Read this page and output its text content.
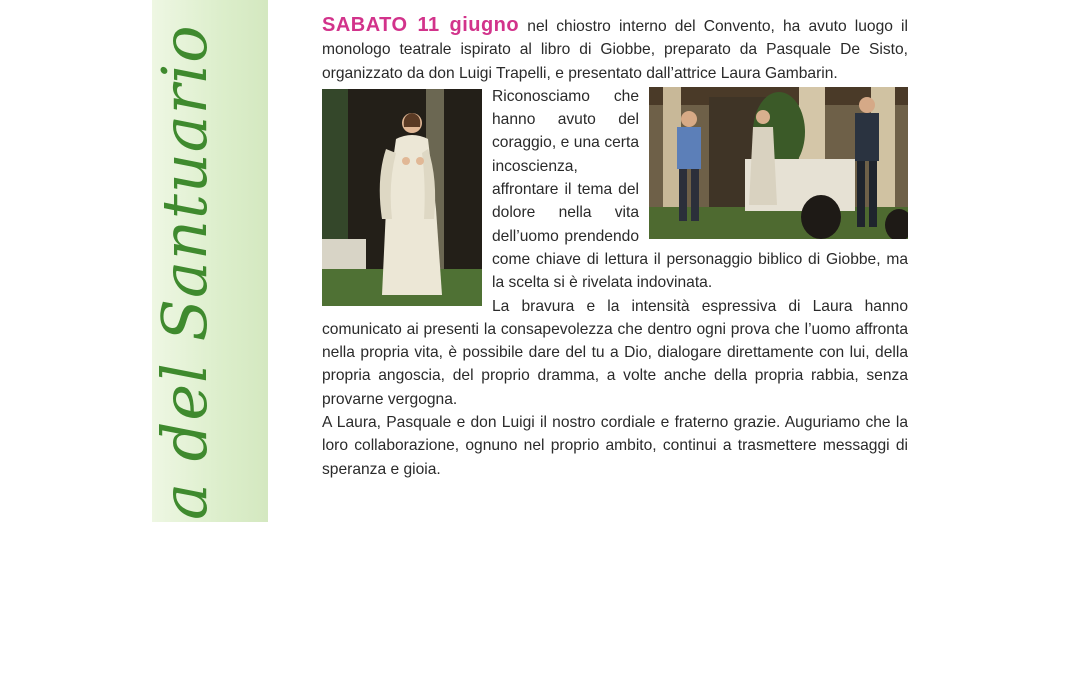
a del Santuario	SABATO 11 giugno nel chiostro interno del Convento, ha avuto luogo il monologo teatrale ispirato al libro di Giobbe, preparato da Pasquale De Sisto, organizzato da don Luigi Trapelli, e presentato dall’attrice Laura Gambarin.

Riconosciamo che hanno avuto del coraggio, e una certa incoscienza, affrontare il tema del dolore nella vita dell’uomo prendendo come chiave di lettura il personaggio biblico di Giobbe, ma la scelta si è rivelata indovinata.
La bravura e la intensità espressiva di Laura hanno comunicato ai presenti la consapevolezza che dentro ogni prova che l’uomo affronta nella propria vita, è possibile dare del tu a Dio, dialogare direttamente con lui, della propria angoscia, del proprio dramma, a volte anche della propria rabbia, senza provarne vergogna.

A Laura, Pasquale e don Luigi il nostro cordiale e fraterno grazie. Auguriamo che la loro collaborazione, ognuno nel proprio ambito, continui a trasmettere messaggi di speranza e gioia.
